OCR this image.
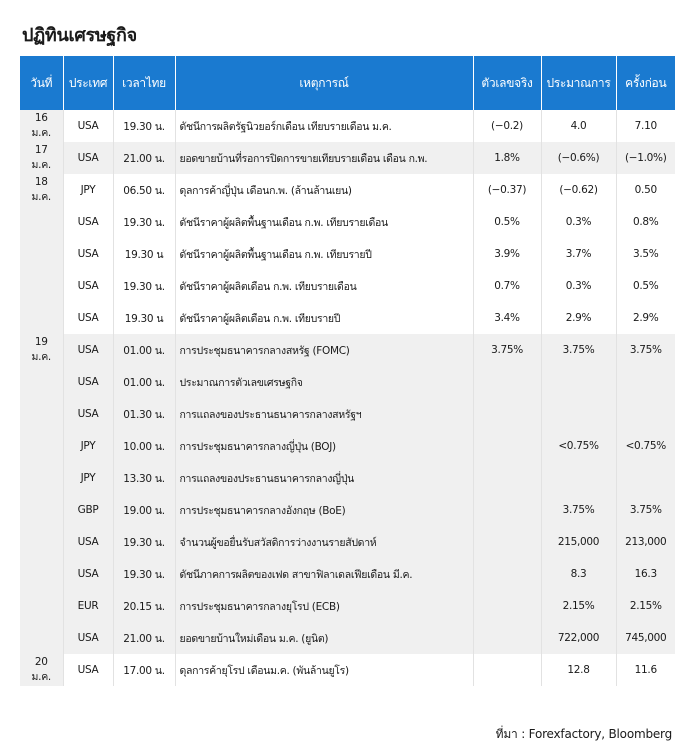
ปฏิทินเศรษฐกิจ
วันที่	ประเทศ	เวลาไทย	เหตุการณ์	ตัวเลขจริง	ประมาณการ	ครั้งก่อน
16 ม.ค.	USA	19.30 น.	ดัชนีการผลิตรัฐนิวยอร์กเดือน เทียบรายเดือน ม.ค.	(−0.2)	4.0	7.10
17 ม.ค.	USA	21.00 น.	ยอดขายบ้านที่รอการปิดการขายเทียบรายเดือน เดือน ก.พ.	1.8%	(−0.6%)	(−1.0%)
18 ม.ค.	JPY	06.50 น.	ดุลการค้าญี่ปุ่น เดือนก.พ. (ล้านล้านเยน)	(−0.37)	(−0.62)	0.50
	USA	19.30 น.	ดัชนีราคาผู้ผลิตพื้นฐานเดือน ก.พ. เทียบรายเดือน	0.5%	0.3%	0.8%
	USA	19.30 น	ดัชนีราคาผู้ผลิตพื้นฐานเดือน ก.พ. เทียบรายปี	3.9%	3.7%	3.5%
	USA	19.30 น.	ดัชนีราคาผู้ผลิตเดือน ก.พ. เทียบรายเดือน	0.7%	0.3%	0.5%
	USA	19.30 น	ดัชนีราคาผู้ผลิตเดือน ก.พ. เทียบรายปี	3.4%	2.9%	2.9%
19 ม.ค.	USA	01.00 น.	การประชุมธนาคารกลางสหรัฐ (FOMC)	3.75%	3.75%	3.75%
	USA	01.00 น.	ประมาณการตัวเลขเศรษฐกิจ			
	USA	01.30 น.	การแถลงของประธานธนาคารกลางสหรัฐฯ			
	JPY	10.00 น.	การประชุมธนาคารกลางญี่ปุ่น (BOJ)		<0.75%	<0.75%
	JPY	13.30 น.	การแถลงของประธานธนาคารกลางญี่ปุ่น			
	GBP	19.00 น.	การประชุมธนาคารกลางอังกฤษ (BoE)		3.75%	3.75%
	USA	19.30 น.	จำนวนผู้ขอยื่นรับสวัสดิการว่างงานรายสัปดาห์		215,000	213,000
	USA	19.30 น.	ดัชนีภาคการผลิตของเฟด สาขาฟิลาเดลเฟียเดือน มี.ค.		8.3	16.3
	EUR	20.15 น.	การประชุมธนาคารกลางยุโรป (ECB)		2.15%	2.15%
	USA	21.00 น.	ยอดขายบ้านใหม่เดือน ม.ค. (ยูนิต)		722,000	745,000
20 ม.ค.	USA	17.00 น.	ดุลการค้ายุโรป เดือนม.ค. (พันล้านยูโร)		12.8	11.6
ที่มา : Forexfactory, Bloomberg
